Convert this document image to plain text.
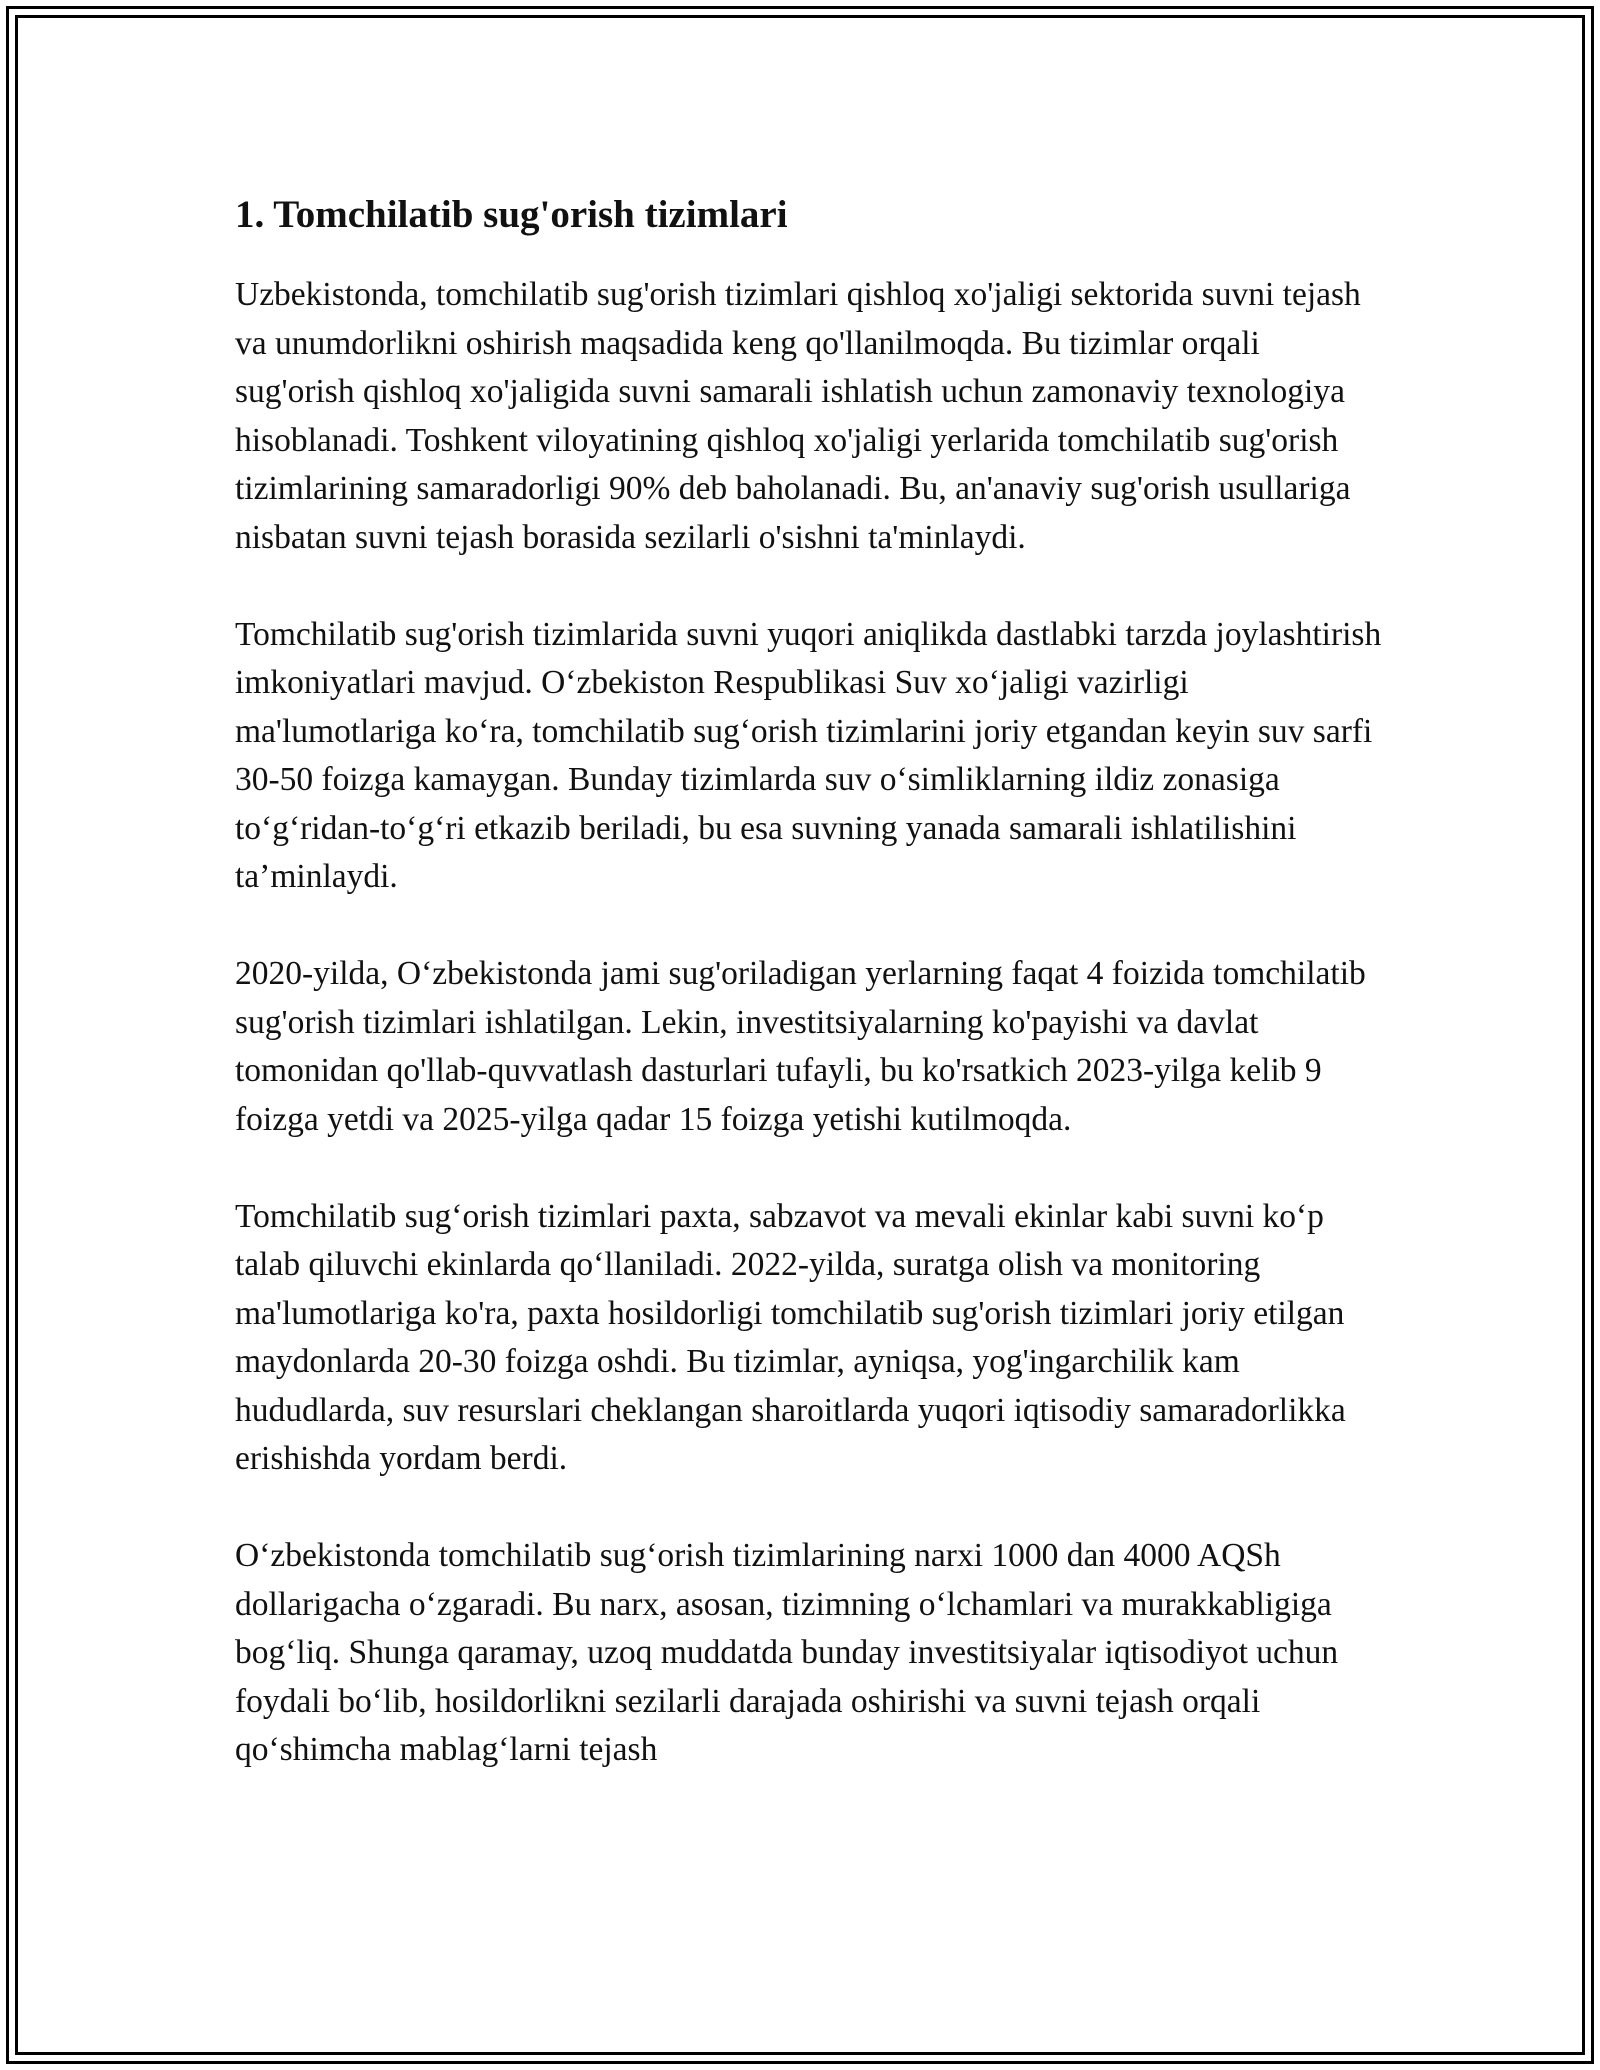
1. Tomchilatib sug'orish tizimlari

Uzbekistonda, tomchilatib sug'orish tizimlari qishloq xo'jaligi sektorida suvni tejash va unumdorlikni oshirish maqsadida keng qo'llanilmoqda. Bu tizimlar orqali sug'orish qishloq xo'jaligida suvni samarali ishlatish uchun zamonaviy texnologiya hisoblanadi. Toshkent viloyatining qishloq xo'jaligi yerlarida tomchilatib sug'orish tizimlarining samaradorligi 90% deb baholanadi. Bu, an'anaviy sug'orish usullariga nisbatan suvni tejash borasida sezilarli o'sishni ta'minlaydi.

Tomchilatib sug'orish tizimlarida suvni yuqori aniqlikda dastlabki tarzda joylashtirish imkoniyatlari mavjud. O‘zbekiston Respublikasi Suv xo‘jaligi vazirligi ma'lumotlariga ko‘ra, tomchilatib sug‘orish tizimlarini joriy etgandan keyin suv sarfi 30-50 foizga kamaygan. Bunday tizimlarda suv o‘simliklarning ildiz zonasiga to‘g‘ridan-to‘g‘ri etkazib beriladi, bu esa suvning yanada samarali ishlatilishini ta’minlaydi.

2020-yilda, O‘zbekistonda jami sug'oriladigan yerlarning faqat 4 foizida tomchilatib sug'orish tizimlari ishlatilgan. Lekin, investitsiyalarning ko'payishi va davlat tomonidan qo'llab-quvvatlash dasturlari tufayli, bu ko'rsatkich 2023-yilga kelib 9 foizga yetdi va 2025-yilga qadar 15 foizga yetishi kutilmoqda.

Tomchilatib sug‘orish tizimlari paxta, sabzavot va mevali ekinlar kabi suvni ko‘p talab qiluvchi ekinlarda qo‘llaniladi. 2022-yilda, suratga olish va monitoring ma'lumotlariga ko'ra, paxta hosildorligi tomchilatib sug'orish tizimlari joriy etilgan maydonlarda 20-30 foizga oshdi. Bu tizimlar, ayniqsa, yog'ingarchilik kam hududlarda, suv resurslari cheklangan sharoitlarda yuqori iqtisodiy samaradorlikka erishishda yordam berdi.

O‘zbekistonda tomchilatib sug‘orish tizimlarining narxi 1000 dan 4000 AQSh dollarigacha o‘zgaradi. Bu narx, asosan, tizimning o‘lchamlari va murakkabligiga bog‘liq. Shunga qaramay, uzoq muddatda bunday investitsiyalar iqtisodiyot uchun foydali bo‘lib, hosildorlikni sezilarli darajada oshirishi va suvni tejash orqali qo‘shimcha mablag‘larni tejash
